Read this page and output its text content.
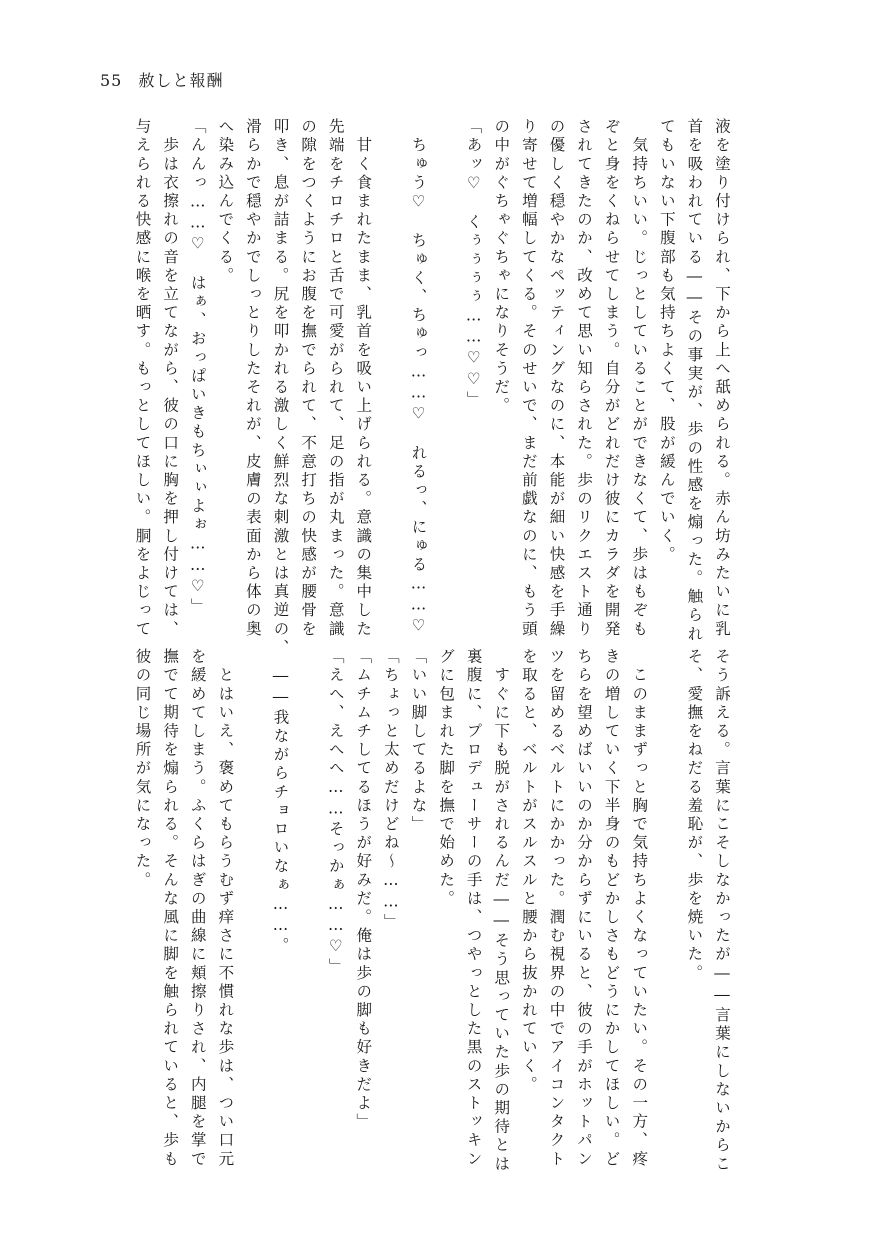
55 赦しと報酬
液を塗り付けられ、下から上へ舐められる。赤ん坊みたいに乳
首を吸われている――その事実が、歩の性感を煽った。触られ
てもいない下腹部も気持ちよくて、股が緩んでいく。
　気持ちいい。じっとしていることができなくて、歩はもぞも
ぞと身をくねらせてしまう。自分がどれだけ彼にカラダを開発
されてきたのか、改めて思い知らされた。歩のリクエスト通り
の優しく穏やかなペッティングなのに、本能が細い快感を手繰
り寄せて増幅してくる。そのせいで、まだ前戯なのに、もう頭
の中がぐちゃぐちゃになりそうだ。
「あッ♡　くぅぅぅぅ……♡♡」

　ちゅう♡　ちゅく、ちゅっ……♡　れるっ、にゅる……♡

　甘く食まれたまま、乳首を吸い上げられる。意識の集中した
先端をチロチロと舌で可愛がられて、足の指が丸まった。意識
の隙をつくようにお腹を撫でられて、不意打ちの快感が腰骨を
叩き、息が詰まる。尻を叩かれる激しく鮮烈な刺激とは真逆の、
滑らかで穏やかでしっとりしたそれが、皮膚の表面から体の奥
へ染み込んでくる。
「んんっ……♡　はぁ、おっぱいきもちぃぃよぉ……♡」
　歩は衣擦れの音を立てながら、彼の口に胸を押し付けては、
与えられる快感に喉を晒す。もっとしてほしい。胴をよじって
そう訴える。言葉にこそしなかったが――言葉にしないからこ
そ、愛撫をねだる羞恥が、歩を焼いた。

　このままずっと胸で気持ちよくなっていたい。その一方、疼
きの増していく下半身のもどかしさもどうにかしてほしい。ど
ちらを望めばいいのか分からずにいると、彼の手がホットパン
ツを留めるベルトにかかった。潤む視界の中でアイコンタクト
を取ると、ベルトがスルスルと腰から抜かれていく。
　すぐに下も脱がされるんだ――そう思っていた歩の期待とは
裏腹に、プロデューサーの手は、つやっとした黒のストッキン
グに包まれた脚を撫で始めた。
「いい脚してるよな」
「ちょっと太めだけどね～……」
「ムチムチしてるほうが好みだ。俺は歩の脚も好きだよ」
「えへ、えへへ……そっかぁ……♡」

　――我ながらチョロいなぁ……。

　とはいえ、褒めてもらうむず痒さに不慣れな歩は、つい口元
を緩めてしまう。ふくらはぎの曲線に頬擦りされ、内腿を掌で
撫でて期待を煽られる。そんな風に脚を触られていると、歩も
彼の同じ場所が気になった。
